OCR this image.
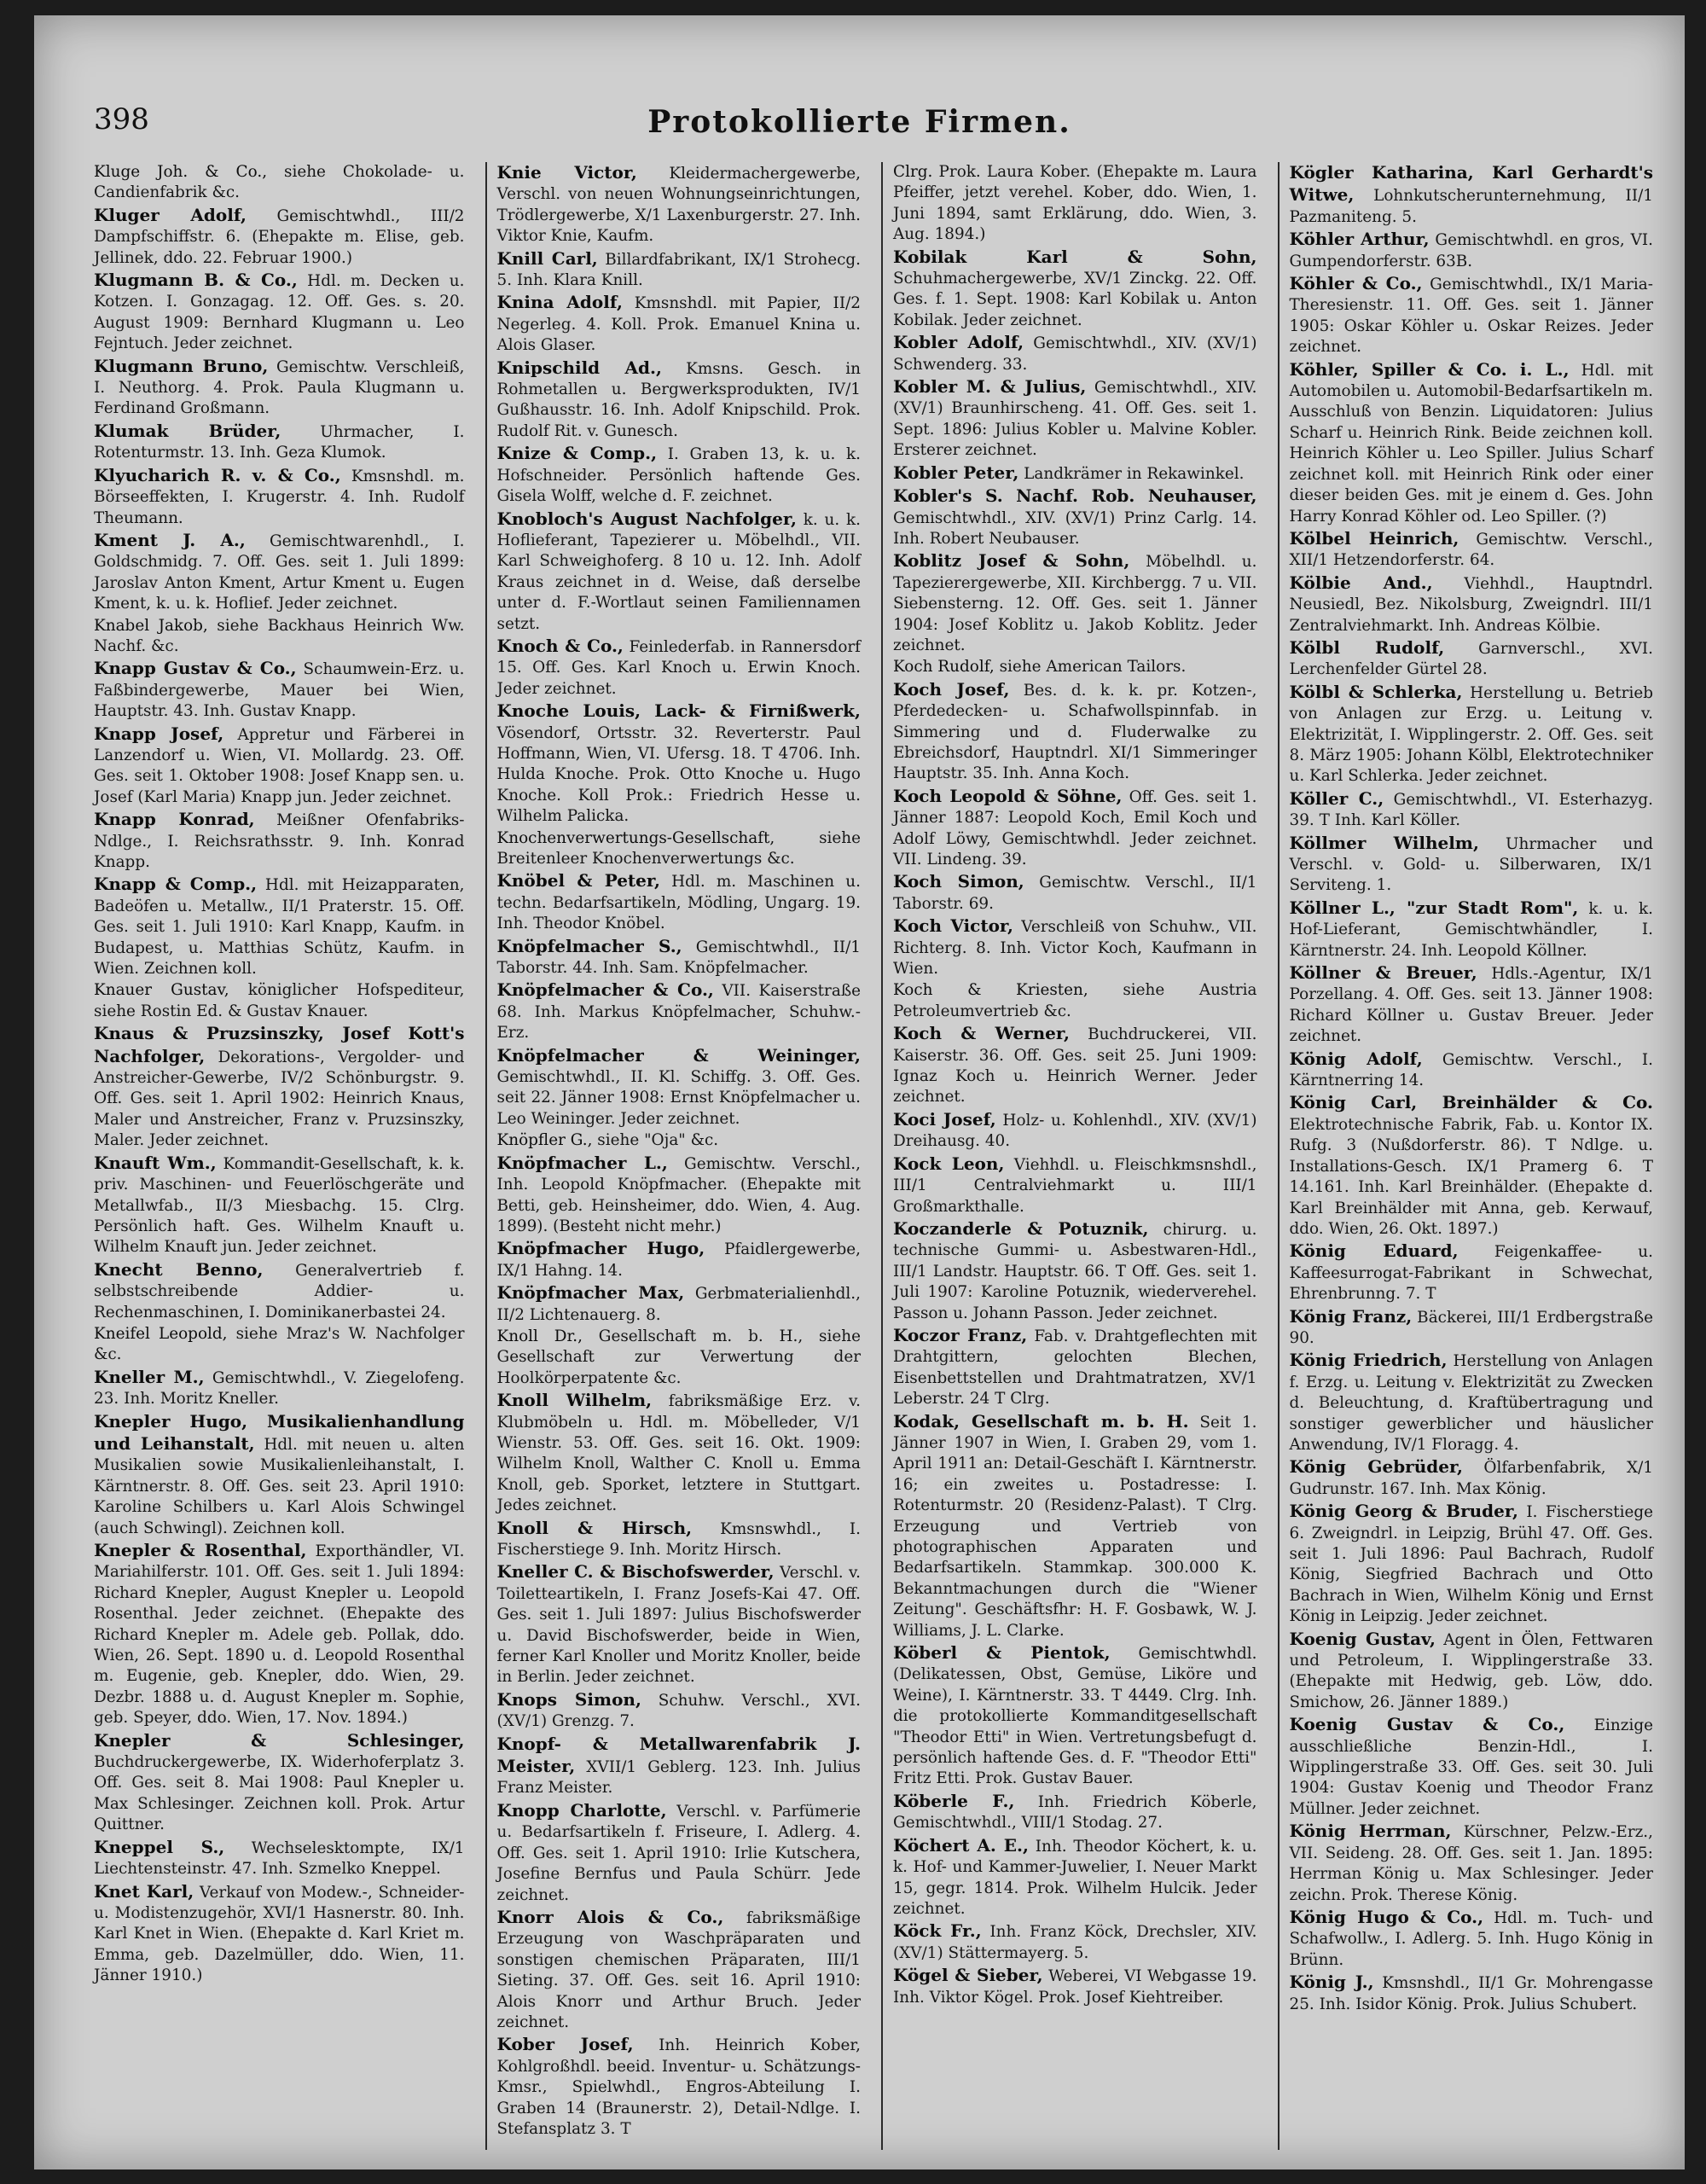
398	Protokollierte Firmen.
Kluge Joh. & Co., siehe Chokolade- u. Candienfabrik &c.
Kluger Adolf, Gemischtwhdl., III/2 Dampfschiffstr. 6. (Ehepakte m. Elise, geb. Jellinek, ddo. 22. Februar 1900.)
Klugmann B. & Co., Hdl. m. Decken u. Kotzen. I. Gonzagag. 12. Off. Ges. s. 20. August 1909: Bernhard Klugmann u. Leo Fejntuch. Jeder zeichnet.
Klugmann Bruno, Gemischtw. Verschleiß, I. Neuthorg. 4. Prok. Paula Klugmann u. Ferdinand Großmann.
Klumak Brüder, Uhrmacher, I. Rotenturmstr. 13. Inh. Geza Klumok.
Klyucharich R. v. & Co., Kmsnshdl. m. Börseeffekten, I. Krugerstr. 4. Inh. Rudolf Theumann.
Kment J. A., Gemischtwarenhdl., I. Goldschmidg. 7. Off. Ges. seit 1. Juli 1899: Jaroslav Anton Kment, Artur Kment u. Eugen Kment, k. u. k. Hoflief. Jeder zeichnet.
Knabel Jakob, siehe Backhaus Heinrich Ww. Nachf. &c.
Knapp Gustav & Co., Schaumwein-Erz. u. Faßbindergewerbe, Mauer bei Wien, Hauptstr. 43. Inh. Gustav Knapp.
Knapp Josef, Appretur und Färberei in Lanzendorf u. Wien, VI. Mollardg. 23. Off. Ges. seit 1. Oktober 1908: Josef Knapp sen. u. Josef (Karl Maria) Knapp jun. Jeder zeichnet.
Knapp Konrad, Meißner Ofenfabriks-Ndlge., I. Reichsrathsstr. 9. Inh. Konrad Knapp.
Knapp & Comp., Hdl. mit Heizapparaten, Badeöfen u. Metallw., II/1 Praterstr. 15. Off. Ges. seit 1. Juli 1910: Karl Knapp, Kaufm. in Budapest, u. Matthias Schütz, Kaufm. in Wien. Zeichnen koll.
Knauer Gustav, königlicher Hofspediteur, siehe Rostin Ed. & Gustav Knauer.
Knaus & Pruzsinszky, Josef Kott's Nachfolger, Dekorations-, Vergolder- und Anstreicher-Gewerbe, IV/2 Schönburgstr. 9. Off. Ges. seit 1. April 1902: Heinrich Knaus, Maler und Anstreicher, Franz v. Pruzsinszky, Maler. Jeder zeichnet.
Knauft Wm., Kommandit-Gesellschaft, k. k. priv. Maschinen- und Feuerlöschgeräte und Metallwfab., II/3 Miesbachg. 15. Clrg. Persönlich haft. Ges. Wilhelm Knauft u. Wilhelm Knauft jun. Jeder zeichnet.
Knecht Benno, Generalvertrieb f. selbstschreibende Addier- u. Rechenmaschinen, I. Dominikanerbastei 24.
Kneifel Leopold, siehe Mraz's W. Nachfolger &c.
Kneller M., Gemischtwhdl., V. Ziegelofeng. 23. Inh. Moritz Kneller.
Knepler Hugo, Musikalienhandlung und Leihanstalt, Hdl. mit neuen u. alten Musikalien sowie Musikalienleihanstalt, I. Kärntnerstr. 8. Off. Ges. seit 23. April 1910: Karoline Schilbers u. Karl Alois Schwingel (auch Schwingl). Zeichnen koll.
Knepler & Rosenthal, Exporthändler, VI. Mariahilferstr. 101. Off. Ges. seit 1. Juli 1894: Richard Knepler, August Knepler u. Leopold Rosenthal. Jeder zeichnet. (Ehepakte des Richard Knepler m. Adele geb. Pollak, ddo. Wien, 26. Sept. 1890 u. d. Leopold Rosenthal m. Eugenie, geb. Knepler, ddo. Wien, 29. Dezbr. 1888 u. d. August Knepler m. Sophie, geb. Speyer, ddo. Wien, 17. Nov. 1894.)
Knepler & Schlesinger, Buchdruckergewerbe, IX. Widerhoferplatz 3. Off. Ges. seit 8. Mai 1908: Paul Knepler u. Max Schlesinger. Zeichnen koll. Prok. Artur Quittner.
Kneppel S., Wechselesktompte, IX/1 Liechtensteinstr. 47. Inh. Szmelko Kneppel.
Knet Karl, Verkauf von Modew.-, Schneider- u. Modistenzugehör, XVI/1 Hasnerstr. 80. Inh. Karl Knet in Wien. (Ehepakte d. Karl Kriet m. Emma, geb. Dazelmüller, ddo. Wien, 11. Jänner 1910.)
Knie Victor, Kleidermachergewerbe, Verschl. von neuen Wohnungseinrichtungen, Trödlergewerbe, X/1 Laxenburgerstr. 27. Inh. Viktor Knie, Kaufm.
Knill Carl, Billardfabrikant, IX/1 Strohecg. 5. Inh. Klara Knill.
Knina Adolf, Kmsnshdl. mit Papier, II/2 Negerleg. 4. Koll. Prok. Emanuel Knina u. Alois Glaser.
Knipschild Ad., Kmsns. Gesch. in Rohmetallen u. Bergwerksprodukten, IV/1 Gußhausstr. 16. Inh. Adolf Knipschild. Prok. Rudolf Rit. v. Gunesch.
Knize & Comp., I. Graben 13, k. u. k. Hofschneider. Persönlich haftende Ges. Gisela Wolff, welche d. F. zeichnet.
Knobloch's August Nachfolger, k. u. k. Hoflieferant, Tapezierer u. Möbelhdl., VII. Karl Schweighoferg. 8 10 u. 12. Inh. Adolf Kraus zeichnet in d. Weise, daß derselbe unter d. F.-Wortlaut seinen Familiennamen setzt.
Knoch & Co., Feinlederfab. in Rannersdorf 15. Off. Ges. Karl Knoch u. Erwin Knoch. Jeder zeichnet.
Knoche Louis, Lack- & Firnißwerk, Vösendorf, Ortsstr. 32. Reverterstr. Paul Hoffmann, Wien, VI. Ufersg. 18. T 4706. Inh. Hulda Knoche. Prok. Otto Knoche u. Hugo Knoche. Koll Prok.: Friedrich Hesse u. Wilhelm Palicka.
Knochenverwertungs-Gesellschaft, siehe Breitenleer Knochenverwertungs &c.
Knöbel & Peter, Hdl. m. Maschinen u. techn. Bedarfsartikeln, Mödling, Ungarg. 19. Inh. Theodor Knöbel.
Knöpfelmacher S., Gemischtwhdl., II/1 Taborstr. 44. Inh. Sam. Knöpfelmacher.
Knöpfelmacher & Co., VII. Kaiserstraße 68. Inh. Markus Knöpfelmacher, Schuhw.-Erz.
Knöpfelmacher & Weininger, Gemischtwhdl., II. Kl. Schiffg. 3. Off. Ges. seit 22. Jänner 1908: Ernst Knöpfelmacher u. Leo Weininger. Jeder zeichnet.
Knöpfler G., siehe "Oja" &c.
Knöpfmacher L., Gemischtw. Verschl., Inh. Leopold Knöpfmacher. (Ehepakte mit Betti, geb. Heinsheimer, ddo. Wien, 4. Aug. 1899). (Besteht nicht mehr.)
Knöpfmacher Hugo, Pfaidlergewerbe, IX/1 Hahng. 14.
Knöpfmacher Max, Gerbmaterialienhdl., II/2 Lichtenauerg. 8.
Knoll Dr., Gesellschaft m. b. H., siehe Gesellschaft zur Verwertung der Hoolkörperpatente &c.
Knoll Wilhelm, fabriksmäßige Erz. v. Klubmöbeln u. Hdl. m. Möbelleder, V/1 Wienstr. 53. Off. Ges. seit 16. Okt. 1909: Wilhelm Knoll, Walther C. Knoll u. Emma Knoll, geb. Sporket, letztere in Stuttgart. Jedes zeichnet.
Knoll & Hirsch, Kmsnswhdl., I. Fischerstiege 9. Inh. Moritz Hirsch.
Kneller C. & Bischofswerder, Verschl. v. Toiletteartikeln, I. Franz Josefs-Kai 47. Off. Ges. seit 1. Juli 1897: Julius Bischofswerder u. David Bischofswerder, beide in Wien, ferner Karl Knoller und Moritz Knoller, beide in Berlin. Jeder zeichnet.
Knops Simon, Schuhw. Verschl., XVI. (XV/1) Grenzg. 7.
Knopf- & Metallwarenfabrik J. Meister, XVII/1 Geblerg. 123. Inh. Julius Franz Meister.
Knopp Charlotte, Verschl. v. Parfümerie u. Bedarfsartikeln f. Friseure, I. Adlerg. 4. Off. Ges. seit 1. April 1910: Irlie Kutschera, Josefine Bernfus und Paula Schürr. Jede zeichnet.
Knorr Alois & Co., fabriksmäßige Erzeugung von Waschpräparaten und sonstigen chemischen Präparaten, III/1 Sieting. 37. Off. Ges. seit 16. April 1910: Alois Knorr und Arthur Bruch. Jeder zeichnet.
Kober Josef, Inh. Heinrich Kober, Kohlgroßhdl. beeid. Inventur- u. Schätzungs-Kmsr., Spielwhdl., Engros-Abteilung I. Graben 14 (Braunerstr. 2), Detail-Ndlge. I. Stefansplatz 3. T
Clrg. Prok. Laura Kober. (Ehepakte m. Laura Pfeiffer, jetzt verehel. Kober, ddo. Wien, 1. Juni 1894, samt Erklärung, ddo. Wien, 3. Aug. 1894.)
Kobilak Karl & Sohn, Schuhmachergewerbe, XV/1 Zinckg. 22. Off. Ges. f. 1. Sept. 1908: Karl Kobilak u. Anton Kobilak. Jeder zeichnet.
Kobler Adolf, Gemischtwhdl., XIV. (XV/1) Schwenderg. 33.
Kobler M. & Julius, Gemischtwhdl., XIV. (XV/1) Braunhirscheng. 41. Off. Ges. seit 1. Sept. 1896: Julius Kobler u. Malvine Kobler. Ersterer zeichnet.
Kobler Peter, Landkrämer in Rekawinkel.
Kobler's S. Nachf. Rob. Neuhauser, Gemischtwhdl., XIV. (XV/1) Prinz Carlg. 14. Inh. Robert Neubauser.
Koblitz Josef & Sohn, Möbelhdl. u. Tapezierergewerbe, XII. Kirchbergg. 7 u. VII. Siebensterng. 12. Off. Ges. seit 1. Jänner 1904: Josef Koblitz u. Jakob Koblitz. Jeder zeichnet.
Koch Rudolf, siehe American Tailors.
Koch Josef, Bes. d. k. k. pr. Kotzen-, Pferdedecken- u. Schafwollspinnfab. in Simmering und d. Fluderwalke zu Ebreichsdorf, Hauptndrl. XI/1 Simmeringer Hauptstr. 35. Inh. Anna Koch.
Koch Leopold & Söhne, Off. Ges. seit 1. Jänner 1887: Leopold Koch, Emil Koch und Adolf Löwy, Gemischtwhdl. Jeder zeichnet. VII. Lindeng. 39.
Koch Simon, Gemischtw. Verschl., II/1 Taborstr. 69.
Koch Victor, Verschleiß von Schuhw., VII. Richterg. 8. Inh. Victor Koch, Kaufmann in Wien.
Koch & Kriesten, siehe Austria Petroleumvertrieb &c.
Koch & Werner, Buchdruckerei, VII. Kaiserstr. 36. Off. Ges. seit 25. Juni 1909: Ignaz Koch u. Heinrich Werner. Jeder zeichnet.
Koci Josef, Holz- u. Kohlenhdl., XIV. (XV/1) Dreihausg. 40.
Kock Leon, Viehhdl. u. Fleischkmsnshdl., III/1 Centralviehmarkt u. III/1 Großmarkthalle.
Koczanderle & Potuznik, chirurg. u. technische Gummi- u. Asbestwaren-Hdl., III/1 Landstr. Hauptstr. 66. T Off. Ges. seit 1. Juli 1907: Karoline Potuznik, wiederverehel. Passon u. Johann Passon. Jeder zeichnet.
Koczor Franz, Fab. v. Drahtgeflechten mit Drahtgittern, gelochten Blechen, Eisenbettstellen und Drahtmatratzen, XV/1 Leberstr. 24 T Clrg.
Kodak, Gesellschaft m. b. H. Seit 1. Jänner 1907 in Wien, I. Graben 29, vom 1. April 1911 an: Detail-Geschäft I. Kärntnerstr. 16; ein zweites u. Postadresse: I. Rotenturmstr. 20 (Residenz-Palast). T Clrg. Erzeugung und Vertrieb von photographischen Apparaten und Bedarfsartikeln. Stammkap. 300.000 K. Bekanntmachungen durch die "Wiener Zeitung". Geschäftsfhr: H. F. Gosbawk, W. J. Williams, J. L. Clarke.
Köberl & Pientok, Gemischtwhdl. (Delikatessen, Obst, Gemüse, Liköre und Weine), I. Kärntnerstr. 33. T 4449. Clrg. Inh. die protokollierte Kommanditgesellschaft "Theodor Etti" in Wien. Vertretungsbefugt d. persönlich haftende Ges. d. F. "Theodor Etti" Fritz Etti. Prok. Gustav Bauer.
Köberle F., Inh. Friedrich Köberle, Gemischtwhdl., VIII/1 Stodag. 27.
Köchert A. E., Inh. Theodor Köchert, k. u. k. Hof- und Kammer-Juwelier, I. Neuer Markt 15, gegr. 1814. Prok. Wilhelm Hulcik. Jeder zeichnet.
Köck Fr., Inh. Franz Köck, Drechsler, XIV. (XV/1) Stättermayerg. 5.
Kögel & Sieber, Weberei, VI Webgasse 19. Inh. Viktor Kögel. Prok. Josef Kiehtreiber.
Kögler Katharina, Karl Gerhardt's Witwe, Lohnkutscherunternehmung, II/1 Pazmaniteng. 5.
Köhler Arthur, Gemischtwhdl. en gros, VI. Gumpendorferstr. 63B.
Köhler & Co., Gemischtwhdl., IX/1 Maria-Theresienstr. 11. Off. Ges. seit 1. Jänner 1905: Oskar Köhler u. Oskar Reizes. Jeder zeichnet.
Köhler, Spiller & Co. i. L., Hdl. mit Automobilen u. Automobil-Bedarfsartikeln m. Ausschluß von Benzin. Liquidatoren: Julius Scharf u. Heinrich Rink. Beide zeichnen koll. Heinrich Köhler u. Leo Spiller. Julius Scharf zeichnet koll. mit Heinrich Rink oder einer dieser beiden Ges. mit je einem d. Ges. John Harry Konrad Köhler od. Leo Spiller. (?)
Kölbel Heinrich, Gemischtw. Verschl., XII/1 Hetzendorferstr. 64.
Kölbie And., Viehhdl., Hauptndrl. Neusiedl, Bez. Nikolsburg, Zweigndrl. III/1 Zentralviehmarkt. Inh. Andreas Kölbie.
Kölbl Rudolf, Garnverschl., XVI. Lerchenfelder Gürtel 28.
Kölbl & Schlerka, Herstellung u. Betrieb von Anlagen zur Erzg. u. Leitung v. Elektrizität, I. Wipplingerstr. 2. Off. Ges. seit 8. März 1905: Johann Kölbl, Elektrotechniker u. Karl Schlerka. Jeder zeichnet.
Köller C., Gemischtwhdl., VI. Esterhazyg. 39. T Inh. Karl Köller.
Köllmer Wilhelm, Uhrmacher und Verschl. v. Gold- u. Silberwaren, IX/1 Serviteng. 1.
Köllner L., "zur Stadt Rom", k. u. k. Hof-Lieferant, Gemischtwhändler, I. Kärntnerstr. 24. Inh. Leopold Köllner.
Köllner & Breuer, Hdls.-Agentur, IX/1 Porzellang. 4. Off. Ges. seit 13. Jänner 1908: Richard Köllner u. Gustav Breuer. Jeder zeichnet.
König Adolf, Gemischtw. Verschl., I. Kärntnerring 14.
König Carl, Breinhälder & Co. Elektrotechnische Fabrik, Fab. u. Kontor IX. Rufg. 3 (Nußdorferstr. 86). T Ndlge. u. Installations-Gesch. IX/1 Pramerg 6. T 14.161. Inh. Karl Breinhälder. (Ehepakte d. Karl Breinhälder mit Anna, geb. Kerwauf, ddo. Wien, 26. Okt. 1897.)
König Eduard, Feigenkaffee- u. Kaffeesurrogat-Fabrikant in Schwechat, Ehrenbrunng. 7. T
König Franz, Bäckerei, III/1 Erdbergstraße 90.
König Friedrich, Herstellung von Anlagen f. Erzg. u. Leitung v. Elektrizität zu Zwecken d. Beleuchtung, d. Kraftübertragung und sonstiger gewerblicher und häuslicher Anwendung, IV/1 Floragg. 4.
König Gebrüder, Ölfarbenfabrik, X/1 Gudrunstr. 167. Inh. Max König.
König Georg & Bruder, I. Fischerstiege 6. Zweigndrl. in Leipzig, Brühl 47. Off. Ges. seit 1. Juli 1896: Paul Bachrach, Rudolf König, Siegfried Bachrach und Otto Bachrach in Wien, Wilhelm König und Ernst König in Leipzig. Jeder zeichnet.
Koenig Gustav, Agent in Ölen, Fettwaren und Petroleum, I. Wipplingerstraße 33. (Ehepakte mit Hedwig, geb. Löw, ddo. Smichow, 26. Jänner 1889.)
Koenig Gustav & Co., Einzige ausschließliche Benzin-Hdl., I. Wipplingerstraße 33. Off. Ges. seit 30. Juli 1904: Gustav Koenig und Theodor Franz Müllner. Jeder zeichnet.
König Herrman, Kürschner, Pelzw.-Erz., VII. Seideng. 28. Off. Ges. seit 1. Jan. 1895: Herrman König u. Max Schlesinger. Jeder zeichn. Prok. Therese König.
König Hugo & Co., Hdl. m. Tuch- und Schafwollw., I. Adlerg. 5. Inh. Hugo König in Brünn.
König J., Kmsnshdl., II/1 Gr. Mohrengasse 25. Inh. Isidor König. Prok. Julius Schubert.
